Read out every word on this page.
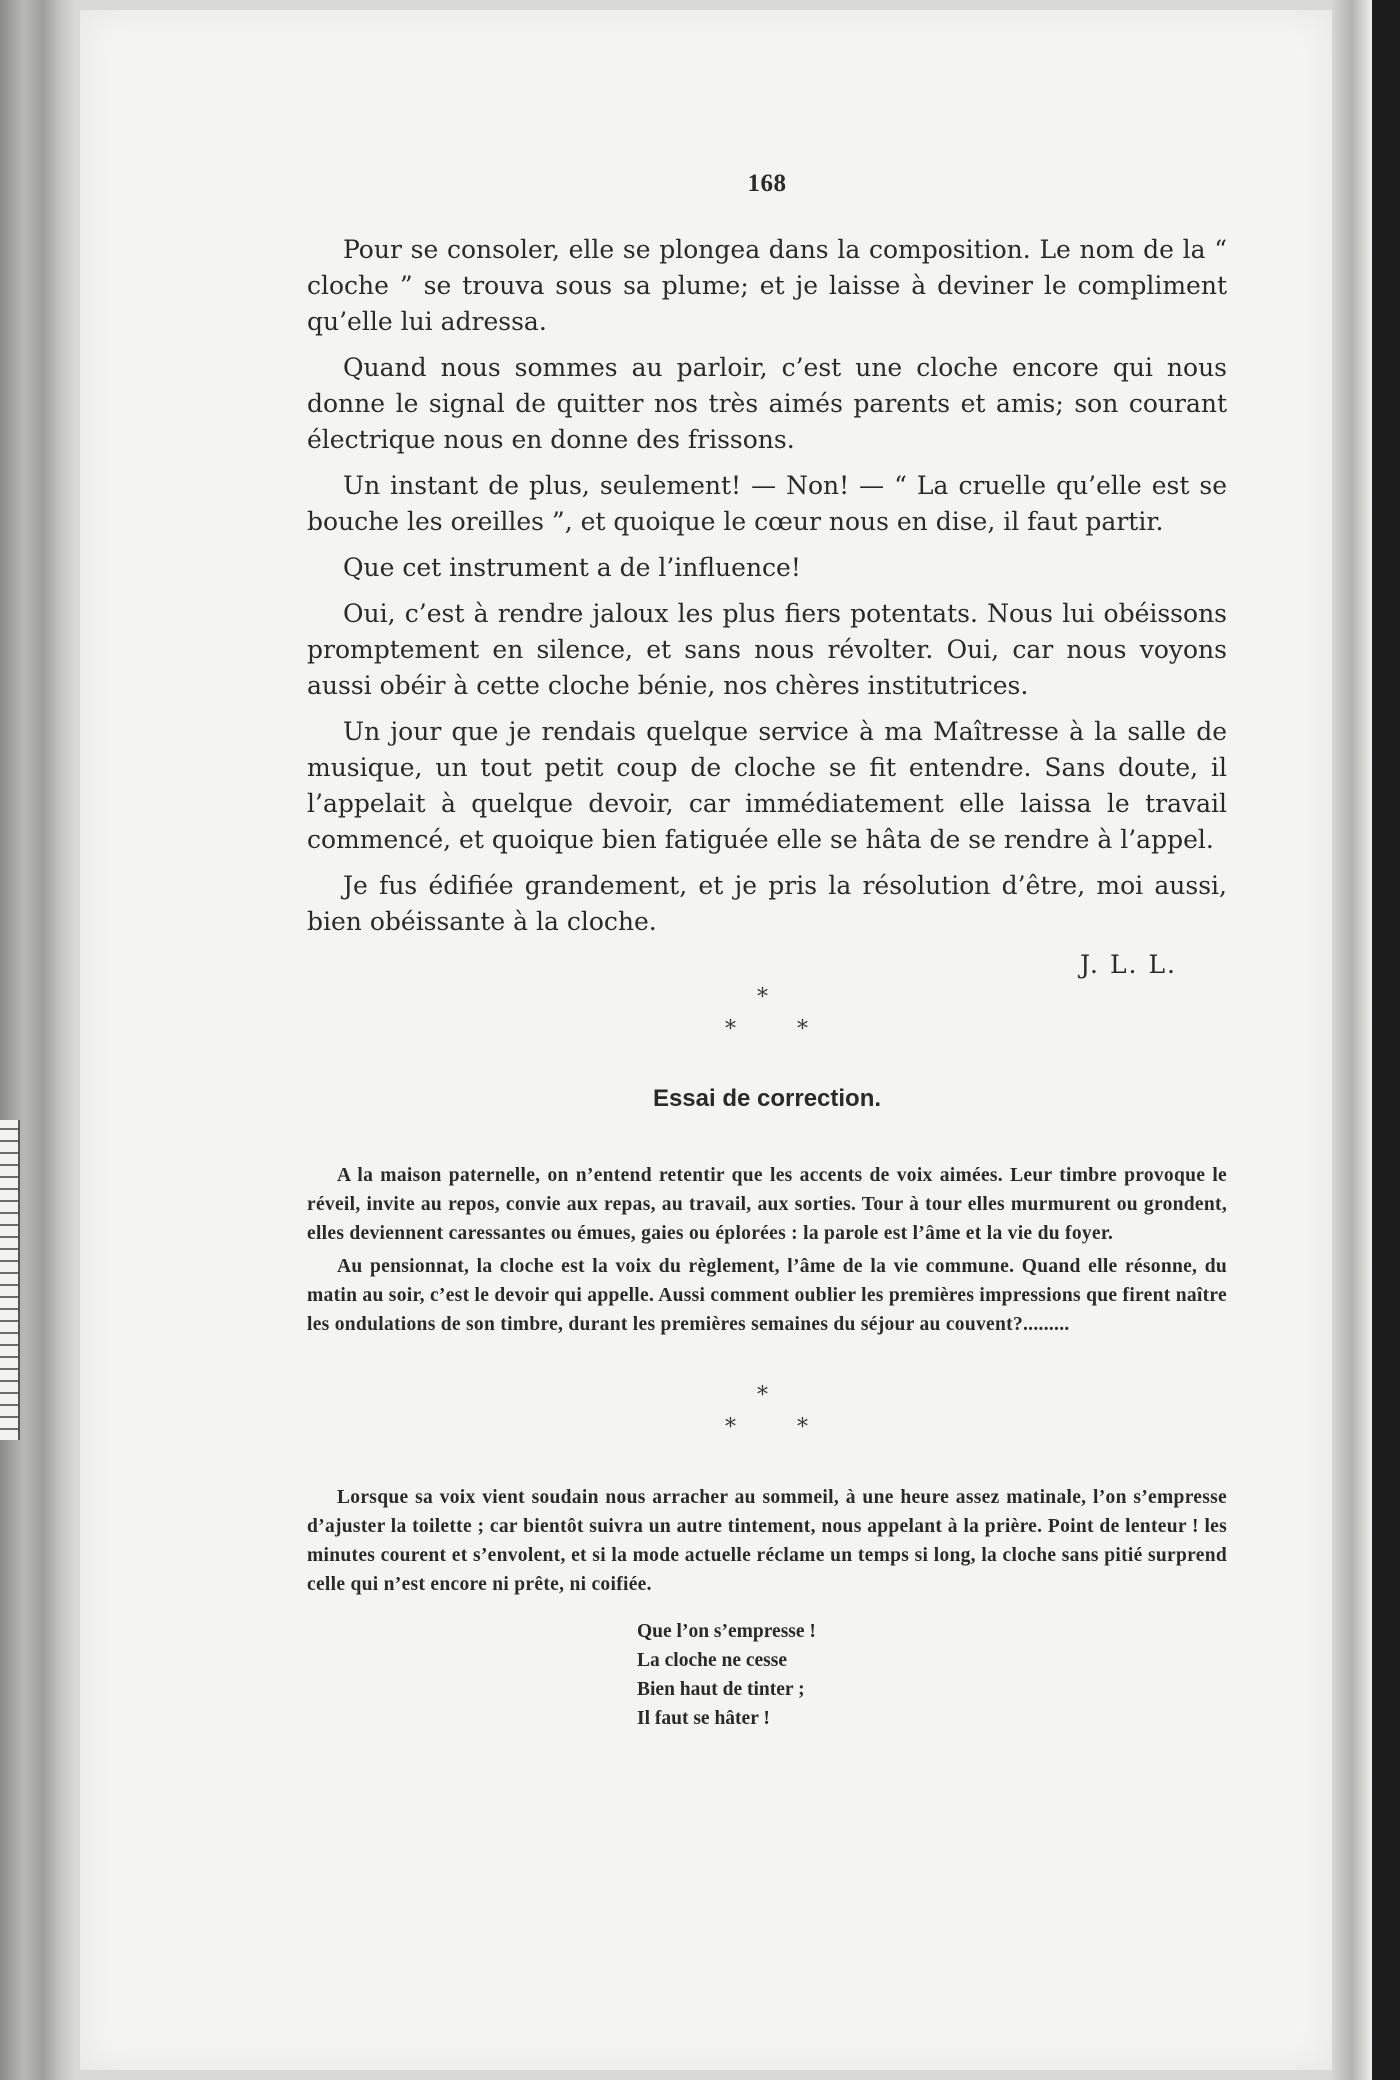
168

Pour se consoler, elle se plongea dans la composition. Le nom de la “ cloche ” se trouva sous sa plume; et je laisse à deviner le compliment qu’elle lui adressa.

Quand nous sommes au parloir, c’est une cloche encore qui nous donne le signal de quitter nos très aimés parents et amis; son courant électrique nous en donne des frissons.

Un instant de plus, seulement! — Non! — “ La cruelle qu’elle est se bouche les oreilles ”, et quoique le cœur nous en dise, il faut partir.

Que cet instrument a de l’influence!

Oui, c’est à rendre jaloux les plus fiers potentats. Nous lui obéissons promptement en silence, et sans nous révolter. Oui, car nous voyons aussi obéir à cette cloche bénie, nos chères institutrices.

Un jour que je rendais quelque service à ma Maîtresse à la salle de musique, un tout petit coup de cloche se fit entendre. Sans doute, il l’appelait à quelque devoir, car immédiatement elle laissa le travail commencé, et quoique bien fatiguée elle se hâta de se rendre à l’appel.

Je fus édifiée grandement, et je pris la résolution d’être, moi aussi, bien obéissante à la cloche.

J. L. L.
*
*	*
Essai de correction.

A la maison paternelle, on n’entend retentir que les accents de voix aimées. Leur timbre provoque le réveil, invite au repos, convie aux repas, au travail, aux sorties. Tour à tour elles murmurent ou grondent, elles deviennent caressantes ou émues, gaies ou éplorées : la parole est l’âme et la vie du foyer.

Au pensionnat, la cloche est la voix du règlement, l’âme de la vie commune. Quand elle résonne, du matin au soir, c’est le devoir qui appelle. Aussi comment oublier les premières impressions que firent naître les ondulations de son timbre, durant les premières semaines du séjour au couvent?.........

*
*	*

Lorsque sa voix vient soudain nous arracher au sommeil, à une heure assez matinale, l’on s’empresse d’ajuster la toilette ; car bientôt suivra un autre tintement, nous appelant à la prière. Point de lenteur ! les minutes courent et s’envolent, et si la mode actuelle réclame un temps si long, la cloche sans pitié surprend celle qui n’est encore ni prête, ni coifiée.

Que l’on s’empresse !
La cloche ne cesse
Bien haut de tinter ;
Il faut se hâter !
